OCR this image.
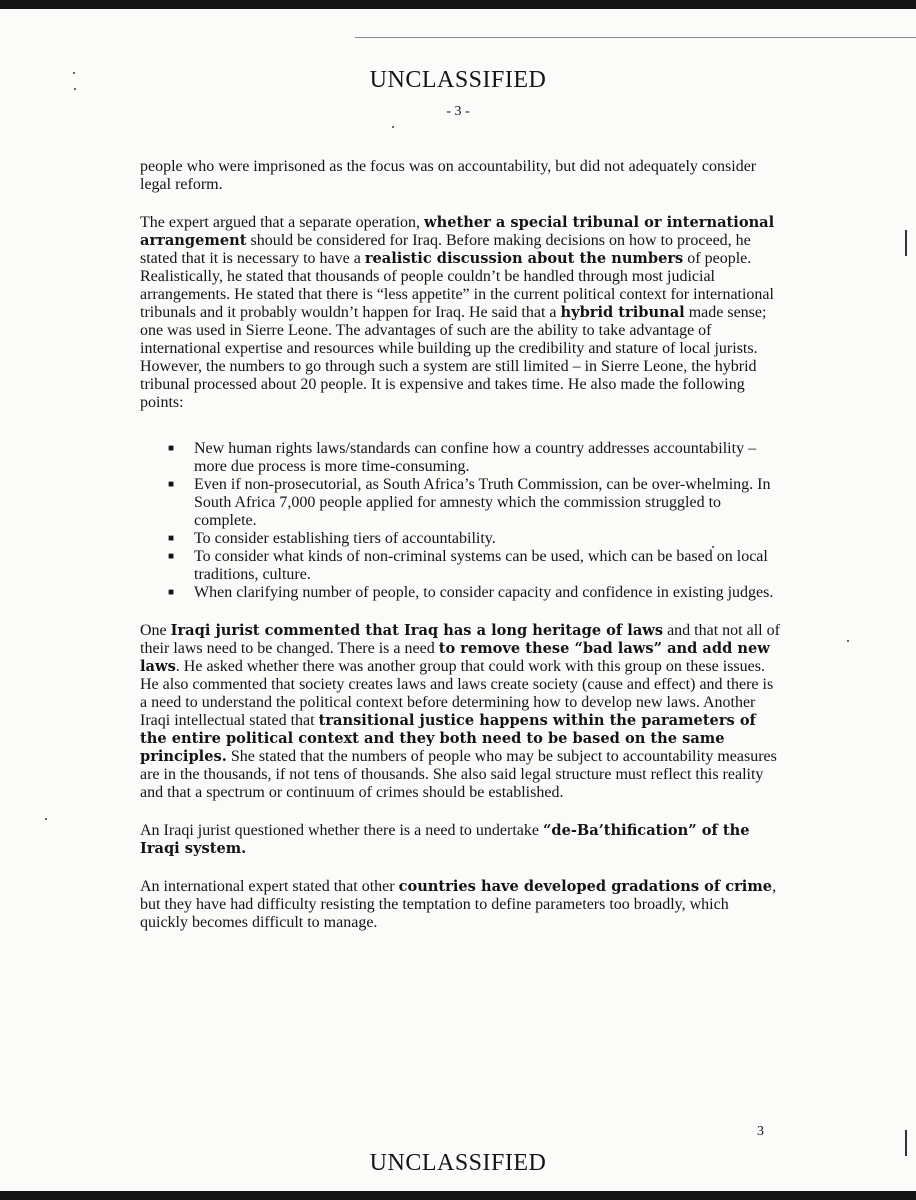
UNCLASSIFIED
- 3 -

people who were imprisoned as the focus was on accountability, but did not adequately consider legal reform.

The expert argued that a separate operation, whether a special tribunal or international arrangement should be considered for Iraq. Before making decisions on how to proceed, he stated that it is necessary to have a realistic discussion about the numbers of people. Realistically, he stated that thousands of people couldn’t be handled through most judicial arrangements. He stated that there is “less appetite” in the current political context for international tribunals and it probably wouldn’t happen for Iraq. He said that a hybrid tribunal made sense; one was used in Sierre Leone. The advantages of such are the ability to take advantage of international expertise and resources while building up the credibility and stature of local jurists. However, the numbers to go through such a system are still limited – in Sierre Leone, the hybrid tribunal processed about 20 people. It is expensive and takes time. He also made the following points:

■ New human rights laws/standards can confine how a country addresses accountability – more due process is more time-consuming.
■ Even if non-prosecutorial, as South Africa’s Truth Commission, can be over-whelming. In South Africa 7,000 people applied for amnesty which the commission struggled to complete.
■ To consider establishing tiers of accountability.
■ To consider what kinds of non-criminal systems can be used, which can be based on local traditions, culture.
■ When clarifying number of people, to consider capacity and confidence in existing judges.

One Iraqi jurist commented that Iraq has a long heritage of laws and that not all of their laws need to be changed. There is a need to remove these “bad laws” and add new laws. He asked whether there was another group that could work with this group on these issues. He also commented that society creates laws and laws create society (cause and effect) and there is a need to understand the political context before determining how to develop new laws. Another Iraqi intellectual stated that transitional justice happens within the parameters of the entire political context and they both need to be based on the same principles. She stated that the numbers of people who may be subject to accountability measures are in the thousands, if not tens of thousands. She also said legal structure must reflect this reality and that a spectrum or continuum of crimes should be established.

An Iraqi jurist questioned whether there is a need to undertake “de-Ba’thification” of the Iraqi system.

An international expert stated that other countries have developed gradations of crime, but they have had difficulty resisting the temptation to define parameters too broadly, which quickly becomes difficult to manage.

3
UNCLASSIFIED
